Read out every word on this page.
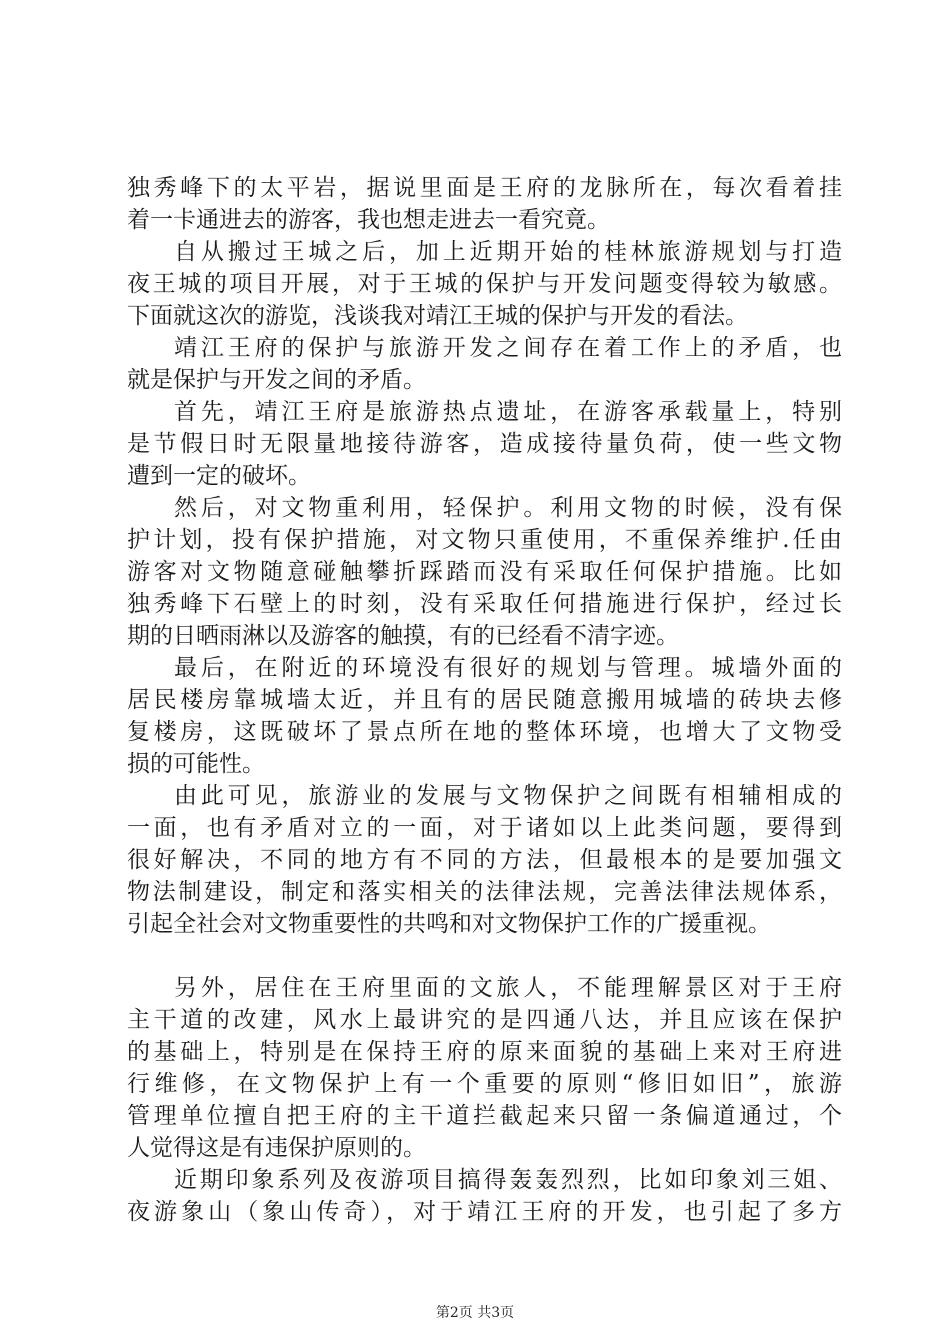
独秀峰下的太平岩，据说里面是王府的龙脉所在，每次看着挂
着一卡通进去的游客，我也想走进去一看究竟。
自从搬过王城之后，加上近期开始的桂林旅游规划与打造
夜王城的项目开展，对于王城的保护与开发问题变得较为敏感。
下面就这次的游览，浅谈我对靖江王城的保护与开发的看法。
靖江王府的保护与旅游开发之间存在着工作上的矛盾，也
就是保护与开发之间的矛盾。
首先，靖江王府是旅游热点遗址，在游客承载量上，特别
是节假日时无限量地接待游客，造成接待量负荷，使一些文物
遭到一定的破坏。
然后，对文物重利用，轻保护。利用文物的时候，没有保
护计划，投有保护措施，对文物只重使用，不重保养维护.任由
游客对文物随意碰触攀折踩踏而没有采取任何保护措施。比如
独秀峰下石壁上的时刻，没有采取任何措施进行保护，经过长
期的日晒雨淋以及游客的触摸，有的已经看不清字迹。
最后，在附近的环境没有很好的规划与管理。城墙外面的
居民楼房靠城墙太近，并且有的居民随意搬用城墙的砖块去修
复楼房，这既破坏了景点所在地的整体环境，也增大了文物受
损的可能性。
由此可见，旅游业的发展与文物保护之间既有相辅相成的
一面，也有矛盾对立的一面，对于诸如以上此类问题，要得到
很好解决，不同的地方有不同的方法，但最根本的是要加强文
物法制建设，制定和落实相关的法律法规，完善法律法规体系，
引起全社会对文物重要性的共鸣和对文物保护工作的广援重视。
另外，居住在王府里面的文旅人，不能理解景区对于王府
主干道的改建，风水上最讲究的是四通八达，并且应该在保护
的基础上，特别是在保持王府的原来面貌的基础上来对王府进
行维修，在文物保护上有一个重要的原则“修旧如旧”，旅游
管理单位擅自把王府的主干道拦截起来只留一条偏道通过，个
人觉得这是有违保护原则的。
近期印象系列及夜游项目搞得轰轰烈烈，比如印象刘三姐、
夜游象山（象山传奇），对于靖江王府的开发，也引起了多方
第2页 共3页
